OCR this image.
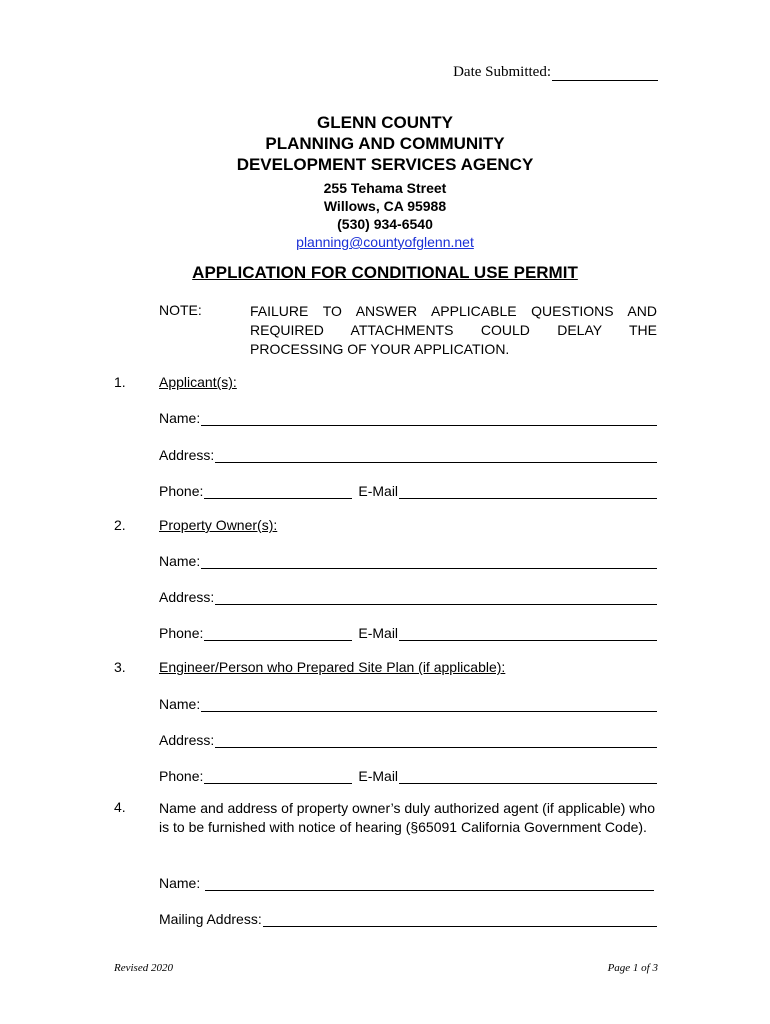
Date Submitted:
GLENN COUNTY
PLANNING AND COMMUNITY
DEVELOPMENT SERVICES AGENCY
255 Tehama Street
Willows, CA 95988
(530) 934-6540
planning@countyofglenn.net
APPLICATION FOR CONDITIONAL USE PERMIT
NOTE:	FAILURE TO ANSWER APPLICABLE QUESTIONS AND REQUIRED ATTACHMENTS COULD DELAY THE PROCESSING OF YOUR APPLICATION.
1. Applicant(s):
Name:
Address:
Phone:	E-Mail
2. Property Owner(s):
Name:
Address:
Phone:	E-Mail
3. Engineer/Person who Prepared Site Plan (if applicable):
Name:
Address:
Phone:	E-Mail
4. Name and address of property owner’s duly authorized agent (if applicable) who is to be furnished with notice of hearing (§65091 California Government Code).
Name:
Mailing Address:
Revised 2020	Page 1 of 3
